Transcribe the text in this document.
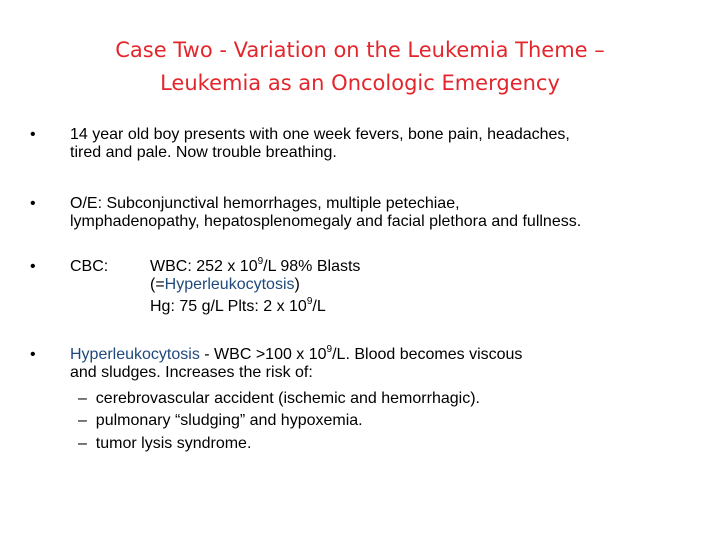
Case Two - Variation on the Leukemia Theme –
Leukemia as an Oncologic Emergency
•	14 year old boy presents with one week fevers, bone pain, headaches,
tired and pale. Now trouble breathing.
•	O/E: Subconjunctival hemorrhages, multiple petechiae,
lymphadenopathy, hepatosplenomegaly and facial plethora and fullness.
•	CBC:	WBC: 252 x $10^9/L$ 98% Blasts
(=Hyperleukocytosis)
Hg: 75 g/L Plts: 2 x $10^9/L$
•	Hyperleukocytosis - WBC >100 x $10^9/L$. Blood becomes viscous
and sludges. Increases the risk of:
– cerebrovascular accident (ischemic and hemorrhagic).
– pulmonary “sludging” and hypoxemia.
– tumor lysis syndrome.
